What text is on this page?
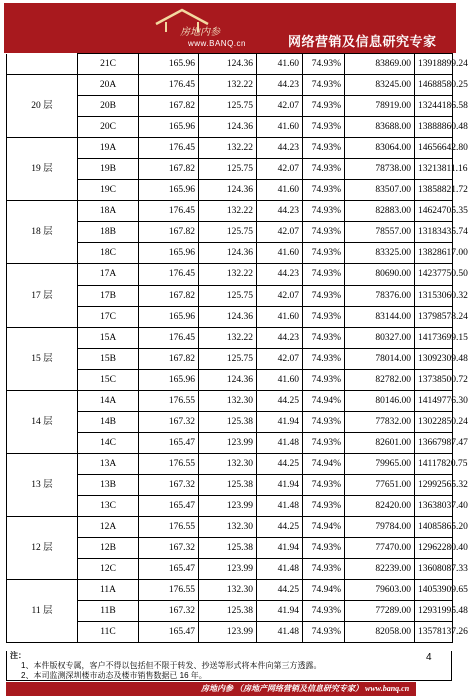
房地内参
www.BANQ.cn	网络营销及信息研究专家
	21C	165.96	124.36	41.60	74.93%	83869.00	13918899.24
20 层	20A	176.45	132.22	44.23	74.93%	83245.00	14688580.25
	20B	167.82	125.75	42.07	74.93%	78919.00	13244186.58
	20C	165.96	124.36	41.60	74.93%	83688.00	13888860.48
19 层	19A	176.45	132.22	44.23	74.93%	83064.00	14656642.80
	19B	167.82	125.75	42.07	74.93%	78738.00	13213811.16
	19C	165.96	124.36	41.60	74.93%	83507.00	13858821.72
18 层	18A	176.45	132.22	44.23	74.93%	82883.00	14624705.35
	18B	167.82	125.75	42.07	74.93%	78557.00	13183435.74
	18C	165.96	124.36	41.60	74.93%	83325.00	13828617.00
17 层	17A	176.45	132.22	44.23	74.93%	80690.00	14237750.50
	17B	167.82	125.75	42.07	74.93%	78376.00	13153060.32
	17C	165.96	124.36	41.60	74.93%	83144.00	13798578.24
15 层	15A	176.45	132.22	44.23	74.93%	80327.00	14173699.15
	15B	167.82	125.75	42.07	74.93%	78014.00	13092309.48
	15C	165.96	124.36	41.60	74.93%	82782.00	13738500.72
14 层	14A	176.55	132.30	44.25	74.94%	80146.00	14149776.30
	14B	167.32	125.38	41.94	74.93%	77832.00	13022850.24
	14C	165.47	123.99	41.48	74.93%	82601.00	13667987.47
13 层	13A	176.55	132.30	44.25	74.94%	79965.00	14117820.75
	13B	167.32	125.38	41.94	74.93%	77651.00	12992565.32
	13C	165.47	123.99	41.48	74.93%	82420.00	13638037.40
12 层	12A	176.55	132.30	44.25	74.94%	79784.00	14085865.20
	12B	167.32	125.38	41.94	74.93%	77470.00	12962280.40
	12C	165.47	123.99	41.48	74.93%	82239.00	13608087.33
11 层	11A	176.55	132.30	44.25	74.94%	79603.00	14053909.65
	11B	167.32	125.38	41.94	74.93%	77289.00	12931995.48
	11C	165.47	123.99	41.48	74.93%	82058.00	13578137.26
注：
1、本件版权专属，客户不得以包括但不限于转发、抄送等形式将本件向第三方透露。
2、本司监测深圳楼市动态及楼市销售数据已 16 年。
4
房地内参 （房地产网络营销及信息研究专家） www.banq.cn
